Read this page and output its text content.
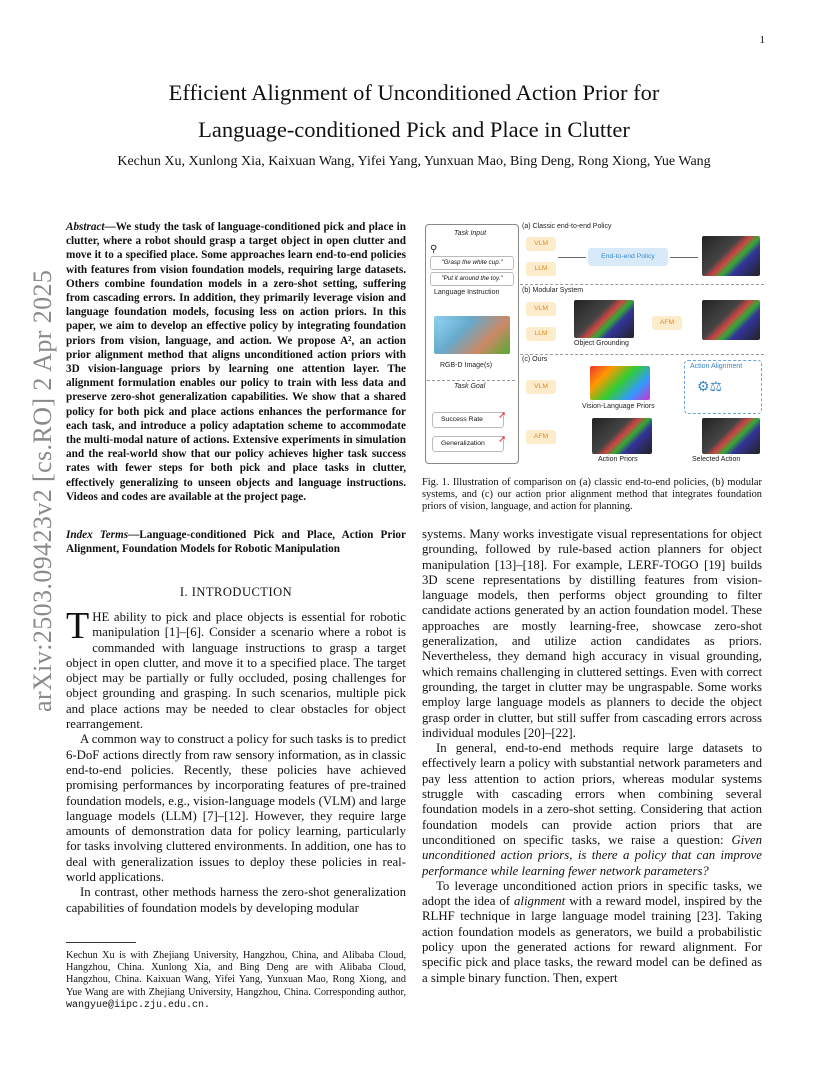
1
Efficient Alignment of Unconditioned Action Prior for
Language-conditioned Pick and Place in Clutter
Kechun Xu, Xunlong Xia, Kaixuan Wang, Yifei Yang, Yunxuan Mao, Bing Deng, Rong Xiong, Yue Wang
arXiv:2503.09423v2 [cs.RO] 2 Apr 2025
Abstract—We study the task of language-conditioned pick and place in clutter, where a robot should grasp a target object in open clutter and move it to a specified place. Some approaches learn end-to-end policies with features from vision foundation models, requiring large datasets. Others combine foundation models in a zero-shot setting, suffering from cascading errors. In addition, they primarily leverage vision and language foundation models, focusing less on action priors. In this paper, we aim to develop an effective policy by integrating foundation priors from vision, language, and action. We propose A², an action prior alignment method that aligns unconditioned action priors with 3D vision-language priors by learning one attention layer. The alignment formulation enables our policy to train with less data and preserve zero-shot generalization capabilities. We show that a shared policy for both pick and place actions enhances the performance for each task, and introduce a policy adaptation scheme to accommodate the multi-modal nature of actions. Extensive experiments in simulation and the real-world show that our policy achieves higher task success rates with fewer steps for both pick and place tasks in clutter, effectively generalizing to unseen objects and language instructions. Videos and codes are available at the project page.
Index Terms—Language-conditioned Pick and Place, Action Prior Alignment, Foundation Models for Robotic Manipulation
I. INTRODUCTION

THE ability to pick and place objects is essential for robotic manipulation [1]–[6]. Consider a scenario where a robot is commanded with language instructions to grasp a target object in open clutter, and move it to a specified place. The target object may be partially or fully occluded, posing challenges for object grounding and grasping. In such scenarios, multiple pick and place actions may be needed to clear obstacles for object rearrangement.

A common way to construct a policy for such tasks is to predict 6-DoF actions directly from raw sensory information, as in classic end-to-end policies. Recently, these policies have achieved promising performances by incorporating features of pre-trained foundation models, e.g., vision-language models (VLM) and large language models (LLM) [7]–[12]. However, they require large amounts of demonstration data for policy learning, particularly for tasks involving cluttered environments. In addition, one has to deal with generalization issues to deploy these policies in real-world applications.

In contrast, other methods harness the zero-shot generalization capabilities of foundation models by developing modular

Kechun Xu is with Zhejiang University, Hangzhou, China, and Alibaba Cloud, Hangzhou, China. Xunlong Xia, and Bing Deng are with Alibaba Cloud, Hangzhou, China. Kaixuan Wang, Yifei Yang, Yunxuan Mao, Rong Xiong, and Yue Wang are with Zhejiang University, Hangzhou, China. Corresponding author, wangyue@iipc.zju.edu.cn.
Task Input
⚲
"Grasp the white cup."
"Put it around the toy."
Language Instruction
RGB-D Image(s)
Task Goal
Success Rate	➚
Generalization	➚
(a) Classic end-to-end Policy
VLM
LLM
End-to-end Policy
(b) Modular System
VLM
LLM
Object Grounding
AFM
(c) Ours
VLM
Vision-Language Priors
AFM
Action Priors
Action Alignment
⚙⚖
Selected Action
Fig. 1. Illustration of comparison on (a) classic end-to-end policies, (b) modular systems, and (c) our action prior alignment method that integrates foundation priors of vision, language, and action for planning.

systems. Many works investigate visual representations for object grounding, followed by rule-based action planners for object manipulation [13]–[18]. For example, LERF-TOGO [19] builds 3D scene representations by distilling features from vision-language models, then performs object grounding to filter candidate actions generated by an action foundation model. These approaches are mostly learning-free, showcase zero-shot generalization, and utilize action candidates as priors. Nevertheless, they demand high accuracy in visual grounding, which remains challenging in cluttered settings. Even with correct grounding, the target in clutter may be ungraspable. Some works employ large language models as planners to decide the object grasp order in clutter, but still suffer from cascading errors across individual modules [20]–[22].

In general, end-to-end methods require large datasets to effectively learn a policy with substantial network parameters and pay less attention to action priors, whereas modular systems struggle with cascading errors when combining several foundation models in a zero-shot setting. Considering that action foundation models can provide action priors that are unconditioned on specific tasks, we raise a question: Given unconditioned action priors, is there a policy that can improve performance while learning fewer network parameters?

To leverage unconditioned action priors in specific tasks, we adopt the idea of alignment with a reward model, inspired by the RLHF technique in large language model training [23]. Taking action foundation models as generators, we build a probabilistic policy upon the generated actions for reward alignment. For specific pick and place tasks, the reward model can be defined as a simple binary function. Then, expert
